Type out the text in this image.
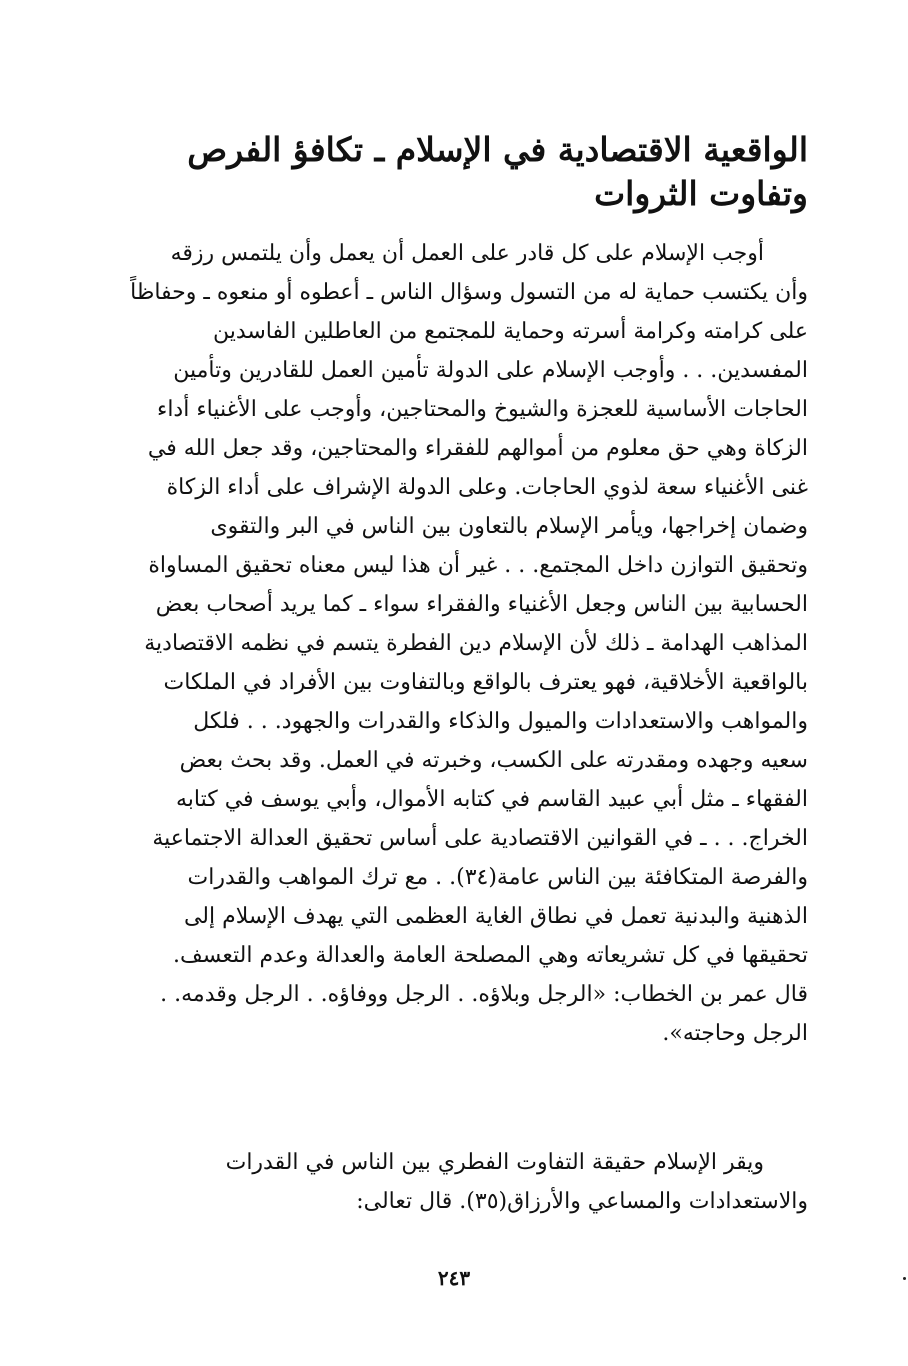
الواقعية الاقتصادية في الإسلام ـ تكافؤ الفرص وتفاوت الثروات
أوجب الإسلام على كل قادر على العمل أن يعمل وأن يلتمس رزقه
وأن يكتسب حماية له من التسول وسؤال الناس ـ أعطوه أو منعوه ـ وحفاظاً
على كرامته وكرامة أسرته وحماية للمجتمع من العاطلين الفاسدين
المفسدين. . . وأوجب الإسلام على الدولة تأمين العمل للقادرين وتأمين
الحاجات الأساسية للعجزة والشيوخ والمحتاجين، وأوجب على الأغنياء أداء
الزكاة وهي حق معلوم من أموالهم للفقراء والمحتاجين، وقد جعل الله في
غنى الأغنياء سعة لذوي الحاجات. وعلى الدولة الإشراف على أداء الزكاة
وضمان إخراجها، ويأمر الإسلام بالتعاون بين الناس في البر والتقوى
وتحقيق التوازن داخل المجتمع. . . غير أن هذا ليس معناه تحقيق المساواة
الحسابية بين الناس وجعل الأغنياء والفقراء سواء ـ كما يريد أصحاب بعض
المذاهب الهدامة ـ ذلك لأن الإسلام دين الفطرة يتسم في نظمه الاقتصادية
بالواقعية الأخلاقية، فهو يعترف بالواقع وبالتفاوت بين الأفراد في الملكات
والمواهب والاستعدادات والميول والذكاء والقدرات والجهود. . . فلكل
سعيه وجهده ومقدرته على الكسب، وخبرته في العمل. وقد بحث بعض
الفقهاء ـ مثل أبي عبيد القاسم في كتابه الأموال، وأبي يوسف في كتابه
الخراج. . . ـ في القوانين الاقتصادية على أساس تحقيق العدالة الاجتماعية
والفرصة المتكافئة بين الناس عامة(٣٤). . مع ترك المواهب والقدرات
الذهنية والبدنية تعمل في نطاق الغاية العظمى التي يهدف الإسلام إلى
تحقيقها في كل تشريعاته وهي المصلحة العامة والعدالة وعدم التعسف.
قال عمر بن الخطاب: «الرجل وبلاؤه. . الرجل ووفاؤه. . الرجل وقدمه. .
الرجل وحاجته».
ويقر الإسلام حقيقة التفاوت الفطري بين الناس في القدرات
والاستعدادات والمساعي والأرزاق(٣٥). قال تعالى:
٢٤٣
